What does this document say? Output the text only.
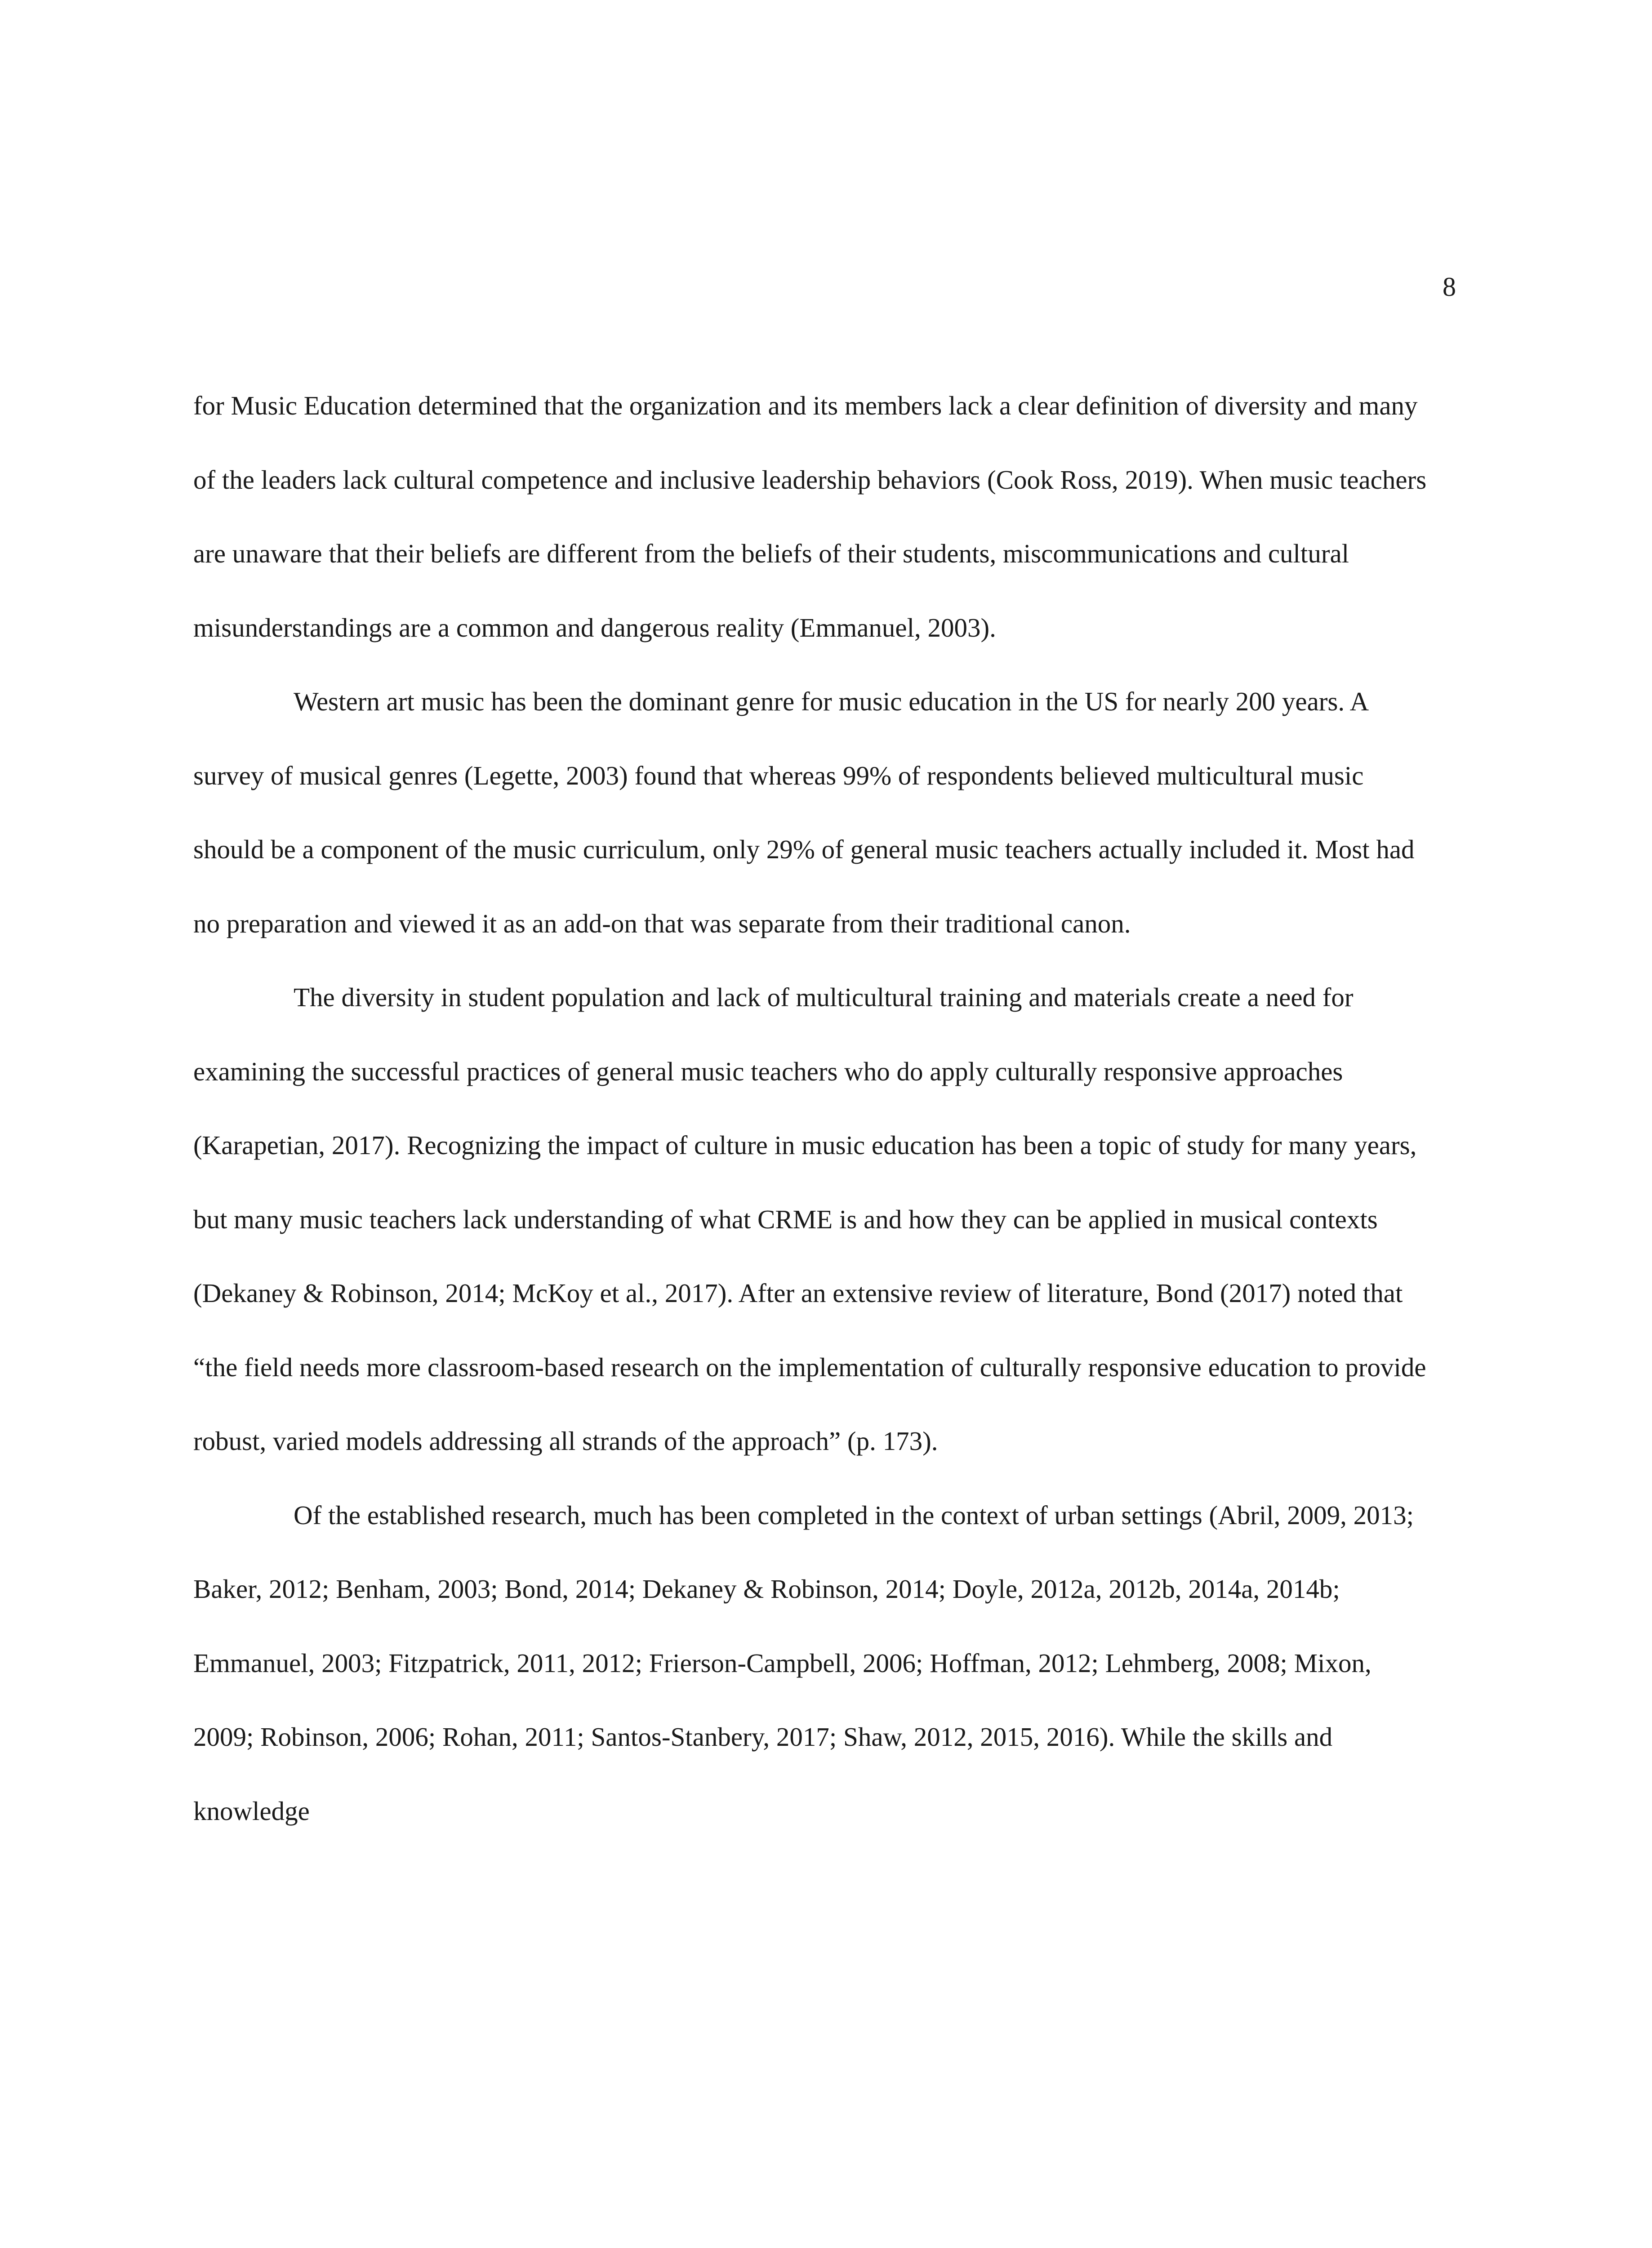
8

for Music Education determined that the organization and its members lack a clear definition of diversity and many of the leaders lack cultural competence and inclusive leadership behaviors (Cook Ross, 2019). When music teachers are unaware that their beliefs are different from the beliefs of their students, miscommunications and cultural misunderstandings are a common and dangerous reality (Emmanuel, 2003).

Western art music has been the dominant genre for music education in the US for nearly 200 years. A survey of musical genres (Legette, 2003) found that whereas 99% of respondents believed multicultural music should be a component of the music curriculum, only 29% of general music teachers actually included it. Most had no preparation and viewed it as an add-on that was separate from their traditional canon.

The diversity in student population and lack of multicultural training and materials create a need for examining the successful practices of general music teachers who do apply culturally responsive approaches (Karapetian, 2017). Recognizing the impact of culture in music education has been a topic of study for many years, but many music teachers lack understanding of what CRME is and how they can be applied in musical contexts (Dekaney & Robinson, 2014; McKoy et al., 2017). After an extensive review of literature, Bond (2017) noted that “the field needs more classroom-based research on the implementation of culturally responsive education to provide robust, varied models addressing all strands of the approach” (p. 173).

Of the established research, much has been completed in the context of urban settings (Abril, 2009, 2013; Baker, 2012; Benham, 2003; Bond, 2014; Dekaney & Robinson, 2014; Doyle, 2012a, 2012b, 2014a, 2014b; Emmanuel, 2003; Fitzpatrick, 2011, 2012; Frierson-Campbell, 2006; Hoffman, 2012; Lehmberg, 2008; Mixon, 2009; Robinson, 2006; Rohan, 2011; Santos-Stanbery, 2017; Shaw, 2012, 2015, 2016). While the skills and knowledge
